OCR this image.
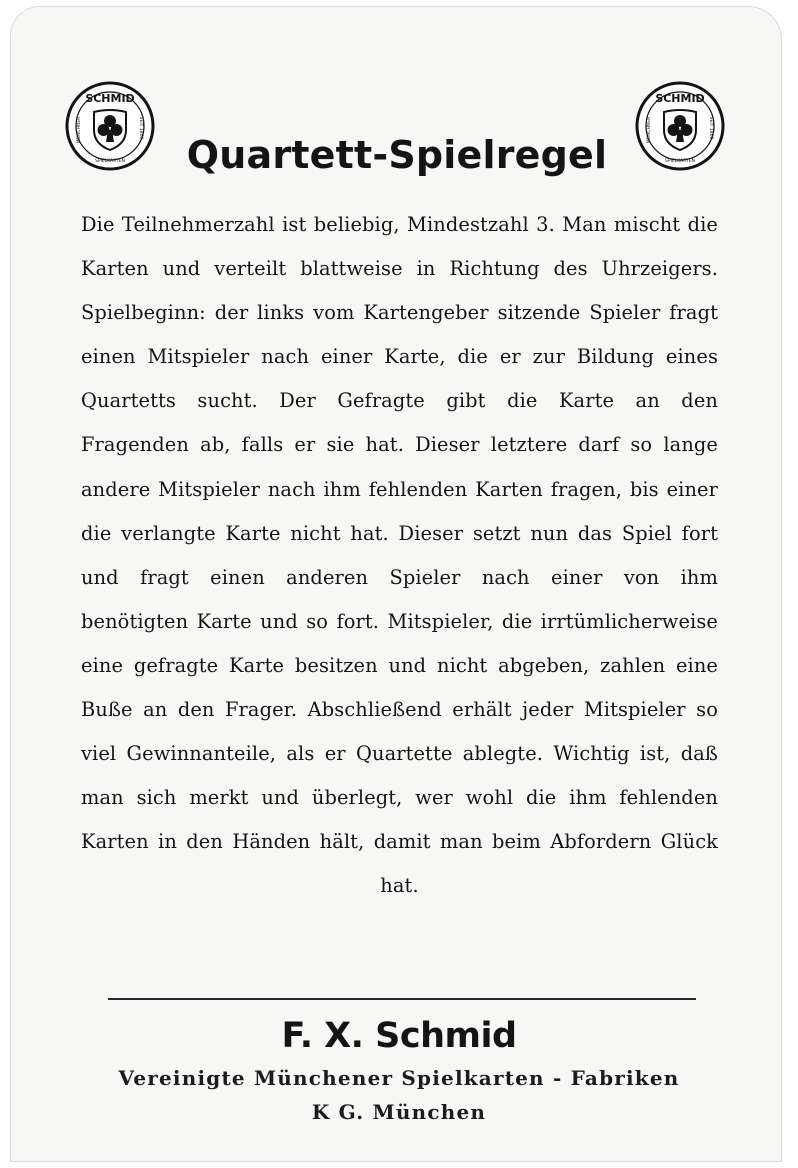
SCHMID
MÜNCHNER	SEIT 1860
SPIELKARTEN	Quartett-Spielregel
SCHMID
MÜNCHNER	SEIT 1860
SPIELKARTEN

Die Teilnehmerzahl ist beliebig, Mindestzahl 3. Man mischt die Karten und verteilt blattweise in Richtung des Uhrzeigers. Spielbeginn: der links vom Kartengeber sitzende Spieler fragt einen Mitspieler nach einer Karte, die er zur Bildung eines Quartetts sucht. Der Gefragte gibt die Karte an den Fragenden ab, falls er sie hat. Dieser letztere darf so lange andere Mitspieler nach ihm fehlenden Karten fragen, bis einer die verlangte Karte nicht hat. Dieser setzt nun das Spiel fort und fragt einen anderen Spieler nach einer von ihm benötigten Karte und so fort. Mitspieler, die irrtümlicherweise eine gefragte Karte besitzen und nicht abgeben, zahlen eine Buße an den Frager. Abschließend erhält jeder Mitspieler so viel Gewinnanteile, als er Quartette ablegte. Wichtig ist, daß man sich merkt und überlegt, wer wohl die ihm fehlenden Karten in den Händen hält, damit man beim Abfordern Glück hat.

F. X. Schmid
Vereinigte Münchener Spielkarten - Fabriken
K G. München
